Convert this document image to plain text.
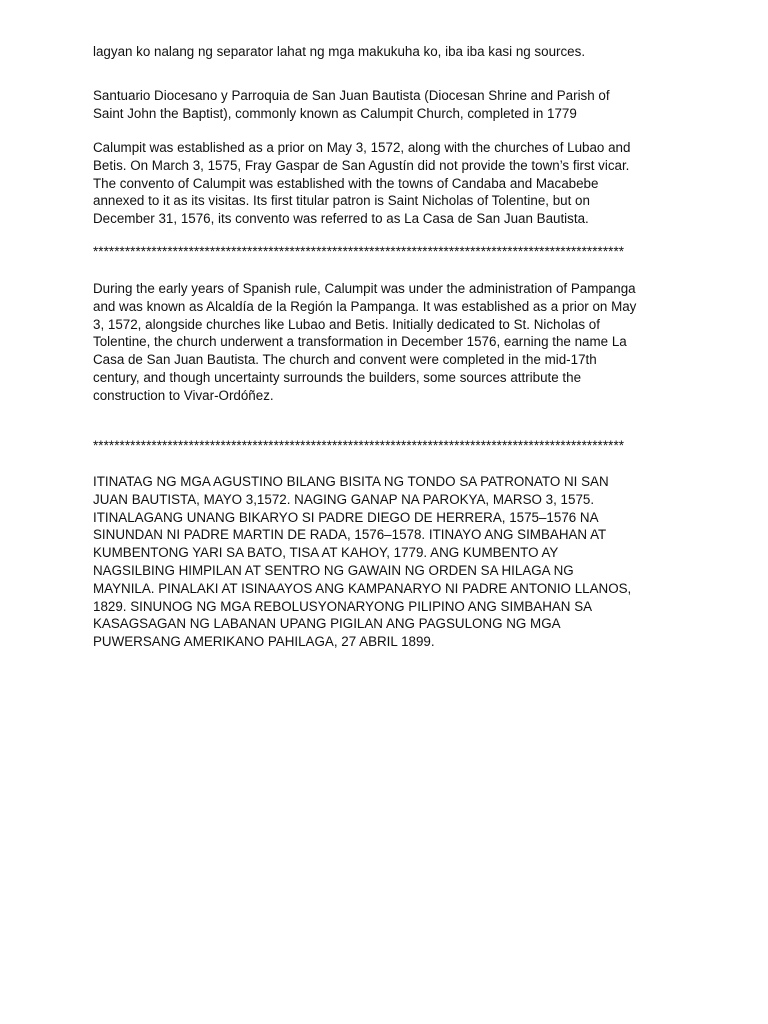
lagyan ko nalang ng separator lahat ng mga makukuha ko, iba iba kasi ng sources.

Santuario Diocesano y Parroquia de San Juan Bautista (Diocesan Shrine and Parish of
Saint John the Baptist), commonly known as Calumpit Church, completed in 1779

Calumpit was established as a prior on May 3, 1572, along with the churches of Lubao and
Betis. On March 3, 1575, Fray Gaspar de San Agustín did not provide the town’s first vicar.
The convento of Calumpit was established with the towns of Candaba and Macabebe
annexed to it as its visitas. Its first titular patron is Saint Nicholas of Tolentine, but on
December 31, 1576, its convento was referred to as La Casa de San Juan Bautista.

****************************************************************************************************

During the early years of Spanish rule, Calumpit was under the administration of Pampanga
and was known as Alcaldía de la Región la Pampanga. It was established as a prior on May
3, 1572, alongside churches like Lubao and Betis. Initially dedicated to St. Nicholas of
Tolentine, the church underwent a transformation in December 1576, earning the name La
Casa de San Juan Bautista. The church and convent were completed in the mid-17th
century, and though uncertainty surrounds the builders, some sources attribute the
construction to Vivar-Ordóñez.

****************************************************************************************************

ITINATAG NG MGA AGUSTINO BILANG BISITA NG TONDO SA PATRONATO NI SAN
JUAN BAUTISTA, MAYO 3,1572. NAGING GANAP NA PAROKYA, MARSO 3, 1575.
ITINALAGANG UNANG BIKARYO SI PADRE DIEGO DE HERRERA, 1575–1576 NA
SINUNDAN NI PADRE MARTIN DE RADA, 1576–1578. ITINAYO ANG SIMBAHAN AT
KUMBENTONG YARI SA BATO, TISA AT KAHOY, 1779. ANG KUMBENTO AY
NAGSILBING HIMPILAN AT SENTRO NG GAWAIN NG ORDEN SA HILAGA NG
MAYNILA. PINALAKI AT ISINAAYOS ANG KAMPANARYO NI PADRE ANTONIO LLANOS,
1829. SINUNOG NG MGA REBOLUSYONARYONG PILIPINO ANG SIMBAHAN SA
KASAGSAGAN NG LABANAN UPANG PIGILAN ANG PAGSULONG NG MGA
PUWERSANG AMERIKANO PAHILAGA, 27 ABRIL 1899.
